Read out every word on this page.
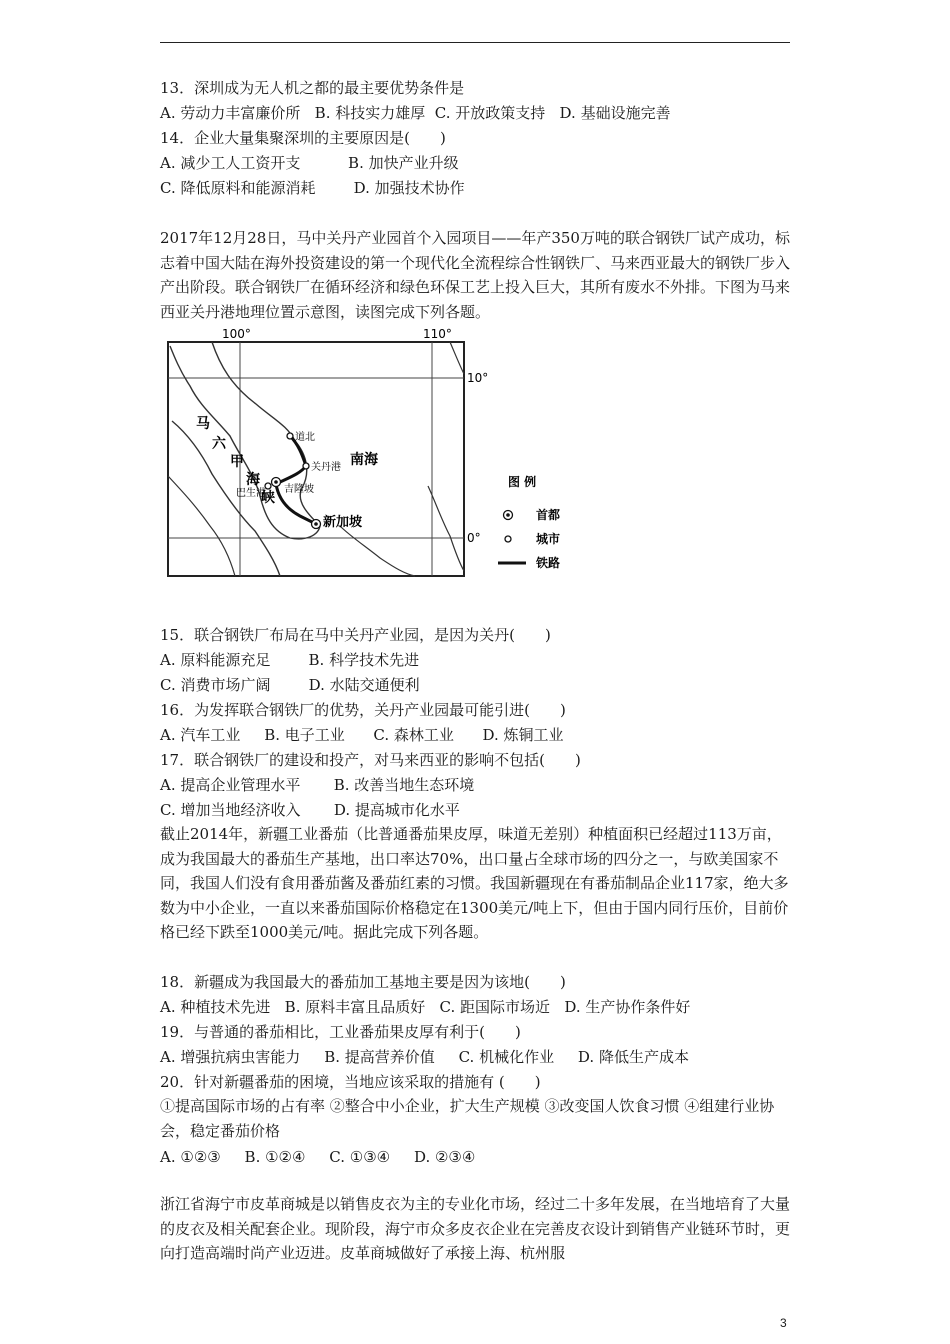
13．深圳成为无人机之都的最主要优势条件是
A. 劳动力丰富廉价所   B. 科技实力雄厚  C. 开放政策支持   D. 基础设施完善
14．企业大量集聚深圳的主要原因是(　　)
A. 减少工人工资开支          B. 加快产业升级
C. 降低原料和能源消耗        D. 加强技术协作
2017年12月28日，马中关丹产业园首个入园项目——年产350万吨的联合钢铁厂试产成功，标志着中国大陆在海外投资建设的第一个现代化全流程综合性钢铁厂、马来西亚最大的钢铁厂步入产出阶段。联合钢铁厂在循环经济和绿色环保工艺上投入巨大，其所有废水不外排。下图为马来西亚关丹港地理位置示意图，读图完成下列各题。
100°	110°
10°
0°
马
六
甲
海
峡
南海
道北
关丹港
巴生港 吉隆坡
新加坡
图 例
首都
城市
铁路
15．联合钢铁厂布局在马中关丹产业园，是因为关丹(　　)
A. 原料能源充足        B. 科学技术先进
C. 消费市场广阔        D. 水陆交通便利
16．为发挥联合钢铁厂的优势，关丹产业园最可能引进(　　)
A. 汽车工业     B. 电子工业      C. 森林工业      D. 炼铜工业
17．联合钢铁厂的建设和投产，对马来西亚的影响不包括(　　)
A. 提高企业管理水平       B. 改善当地生态环境
C. 增加当地经济收入       D. 提高城市化水平
截止2014年，新疆工业番茄（比普通番茄果皮厚，味道无差别）种植面积已经超过113万亩，成为我国最大的番茄生产基地，出口率达70%，出口量占全球市场的四分之一，与欧美国家不同，我国人们没有食用番茄酱及番茄红素的习惯。我国新疆现在有番茄制品企业117家，绝大多数为中小企业，一直以来番茄国际价格稳定在1300美元/吨上下，但由于国内同行压价，目前价格已经下跌至1000美元/吨。据此完成下列各题。
18．新疆成为我国最大的番茄加工基地主要是因为该地(　　)
A. 种植技术先进   B. 原料丰富且品质好   C. 距国际市场近   D. 生产协作条件好
19．与普通的番茄相比，工业番茄果皮厚有利于(　　)
A. 增强抗病虫害能力     B. 提高营养价值     C. 机械化作业     D. 降低生产成本
20．针对新疆番茄的困境，当地应该采取的措施有 (　　)
①提高国际市场的占有率 ②整合中小企业，扩大生产规模 ③改变国人饮食习惯 ④组建行业协会，稳定番茄价格
A. ①②③     B. ①②④     C. ①③④     D. ②③④
浙江省海宁市皮革商城是以销售皮衣为主的专业化市场，经过二十多年发展，在当地培育了大量的皮衣及相关配套企业。现阶段，海宁市众多皮衣企业在完善皮衣设计到销售产业链环节时，更向打造高端时尚产业迈进。皮革商城做好了承接上海、杭州服
3
